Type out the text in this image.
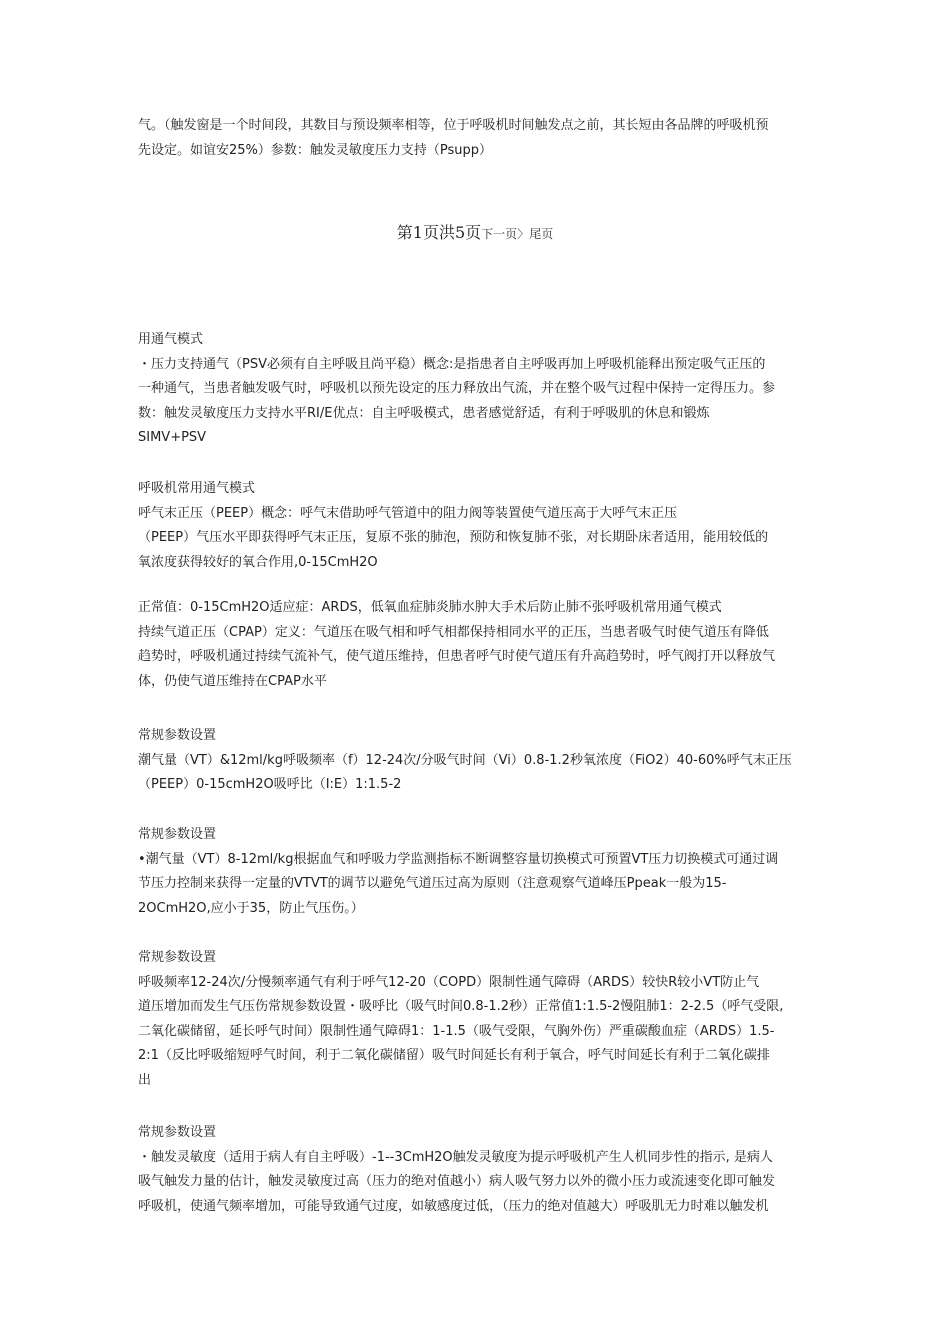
气。（触发窗是一个时间段，其数目与预设频率相等，位于呼吸机时间触发点之前，其长短由各品牌的呼吸机预
先设定。如谊安25%）参数：触发灵敏度压力支持（Psupp）
第1页洪5页下一页〉尾页
用通气模式
・压力支持通气（PSV必须有自主呼吸且尚平稳）概念:是指患者自主呼吸再加上呼吸机能释出预定吸气正压的
一种通气，当患者触发吸气时，呼吸机以预先设定的压力释放出气流，并在整个吸气过程中保持一定得压力。参
数：触发灵敏度压力支持水平RI/E优点：自主呼吸模式，患者感觉舒适，有利于呼吸肌的休息和锻炼
SIMV+PSV
呼吸机常用通气模式
呼气末正压（PEEP）概念：呼气末借助呼气管道中的阻力阀等装置使气道压高于大呼气末正压
（PEEP）气压水平即获得呼气末正压，复原不张的肺泡，预防和恢复肺不张，对长期卧床者适用，能用较低的
氧浓度获得较好的氧合作用,0-15CmH2O
正常值：0-15CmH2O适应症：ARDS，低氧血症肺炎肺水肿大手术后防止肺不张呼吸机常用通气模式
持续气道正压（CPAP）定义：气道压在吸气相和呼气相都保持相同水平的正压，当患者吸气时使气道压有降低
趋势时，呼吸机通过持续气流补气，使气道压维持，但患者呼气时使气道压有升高趋势时，呼气阀打开以释放气
体，仍使气道压维持在CPAP水平
常规参数设置
潮气量（VT）&12ml/kg呼吸频率（f）12-24次/分吸气时间（Vi）0.8-1.2秒氧浓度（FiO2）40-60%呼气末正压
（PEEP）0-15cmH2O吸呼比（I:E）1:1.5-2
常规参数设置
•潮气量（VT）8-12ml/kg根据血气和呼吸力学监测指标不断调整容量切换模式可预置VT压力切换模式可通过调
节压力控制来获得一定量的VTVT的调节以避免气道压过高为原则（注意观察气道峰压Ppeak一般为15-
2OCmH2O,应小于35，防止气压伤。）
常规参数设置
呼吸频率12-24次/分慢频率通气有利于呼气12-20（COPD）限制性通气障碍（ARDS）较快R较小VT防止气
道压增加而发生气压伤常规参数设置・吸呼比（吸气时间0.8-1.2秒）正常值1:1.5-2慢阻肺1：2-2.5（呼气受限,
二氧化碳储留，延长呼气时间）限制性通气障碍1：1-1.5（吸气受限，气胸外伤）严重碳酸血症（ARDS）1.5-
2:1（反比呼吸缩短呼气时间，利于二氧化碳储留）吸气时间延长有利于氧合，呼气时间延长有利于二氧化碳排
出
常规参数设置
・触发灵敏度（适用于病人有自主呼吸）-1--3CmH2O触发灵敏度为提示呼吸机产生人机同步性的指示, 是病人
吸气触发力量的估计，触发灵敏度过高（压力的绝对值越小）病人吸气努力以外的微小压力或流速变化即可触发
呼吸机，使通气频率增加，可能导致通气过度，如敏感度过低，（压力的绝对值越大）呼吸肌无力时难以触发机
